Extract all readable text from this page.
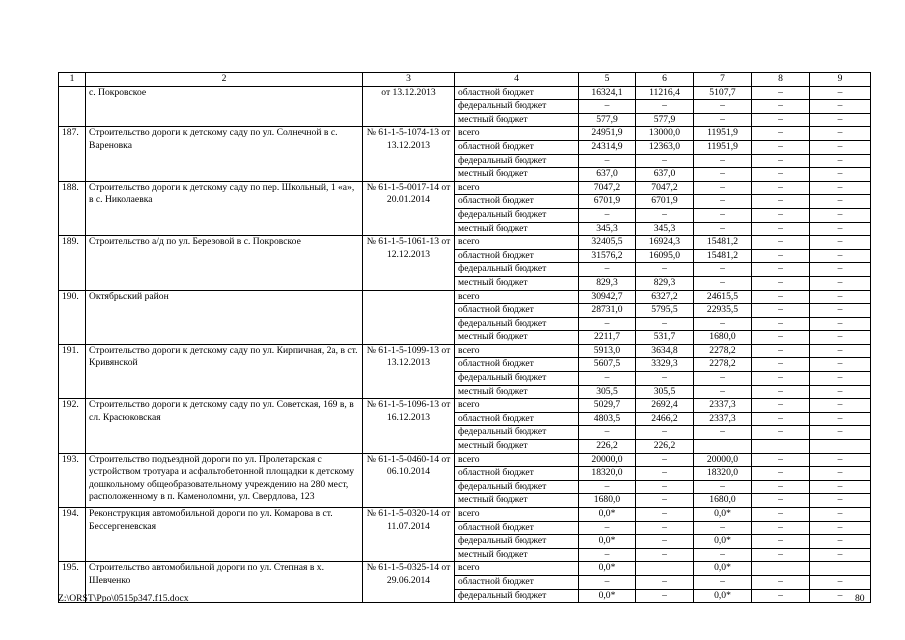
1	2	3	4	5	6	7	8	9
	с. Покровское	от 13.12.2013	областной бюджет	16324,1	11216,4	5107,7	–	–
			федеральный бюджет	–	–	–	–	–
			местный бюджет	577,9	577,9	–	–	–
187.	Строительство дороги к детскому саду по ул. Солнечной в с. Вареновка	№ 61-1-5-1074-13 от 13.12.2013	всего	24951,9	13000,0	11951,9	–	–
			областной бюджет	24314,9	12363,0	11951,9	–	–
			федеральный бюджет	–	–	–	–	–
			местный бюджет	637,0	637,0	–	–	–
188.	Строительство дороги к детскому саду по пер. Школьный, 1 «а», в с. Николаевка	№ 61-1-5-0017-14 от 20.01.2014	всего	7047,2	7047,2	–	–	–
			областной бюджет	6701,9	6701,9	–	–	–
			федеральный бюджет	–	–	–	–	–
			местный бюджет	345,3	345,3	–	–	–
189.	Строительство а/д по ул. Березовой в с. Покровское	№ 61-1-5-1061-13 от 12.12.2013	всего	32405,5	16924,3	15481,2	–	–
			областной бюджет	31576,2	16095,0	15481,2	–	–
			федеральный бюджет	–	–	–	–	–
			местный бюджет	829,3	829,3	–	–	–
190.	Октябрьский район		всего	30942,7	6327,2	24615,5	–	–
			областной бюджет	28731,0	5795,5	22935,5	–	–
			федеральный бюджет	–	–	–	–	–
			местный бюджет	2211,7	531,7	1680,0	–	–
191.	Строительство дороги к детскому саду по ул. Кирпичная, 2а, в ст. Кривянской	№ 61-1-5-1099-13 от 13.12.2013	всего	5913,0	3634,8	2278,2	–	–
			областной бюджет	5607,5	3329,3	2278,2	–	–
			федеральный бюджет	–	–	–	–	–
			местный бюджет	305,5	305,5	–	–	–
192.	Строительство дороги к детскому саду по ул. Советская, 169 в, в сл. Красюковская	№ 61-1-5-1096-13 от 16.12.2013	всего	5029,7	2692,4	2337,3	–	–
			областной бюджет	4803,5	2466,2	2337,3	–	–
			федеральный бюджет	–	–	–	–	–
			местный бюджет	226,2	226,2			
193.	Строительство подъездной дороги по ул. Пролетарская с устройством тротуара и асфальтобетонной площадки к детскому дошкольному общеобразовательному учреждению на 280 мест, расположенному в п. Каменоломни, ул. Свердлова, 123	№ 61-1-5-0460-14 от 06.10.2014	всего	20000,0	–	20000,0	–	–
			областной бюджет	18320,0	–	18320,0	–	–
			федеральный бюджет	–	–	–	–	–
			местный бюджет	1680,0	–	1680,0	–	–
194.	Реконструкция автомобильной дороги по ул. Комарова в ст. Бессергеневская	№ 61-1-5-0320-14 от 11.07.2014	всего	0,0*	–	0,0*	–	–
			областной бюджет	–	–	–	–	–
			федеральный бюджет	0,0*	–	0,0*	–	–
			местный бюджет	–	–	–	–	–
195.	Строительство автомобильной дороги по ул. Степная в х. Шевченко	№ 61-1-5-0325-14 от 29.06.2014	всего	0,0*		0,0*		
			областной бюджет	–	–	–	–	–
			федеральный бюджет	0,0*	–	0,0*	–	–
Z:\ORST\Ppo\0515p347.f15.docx	80
